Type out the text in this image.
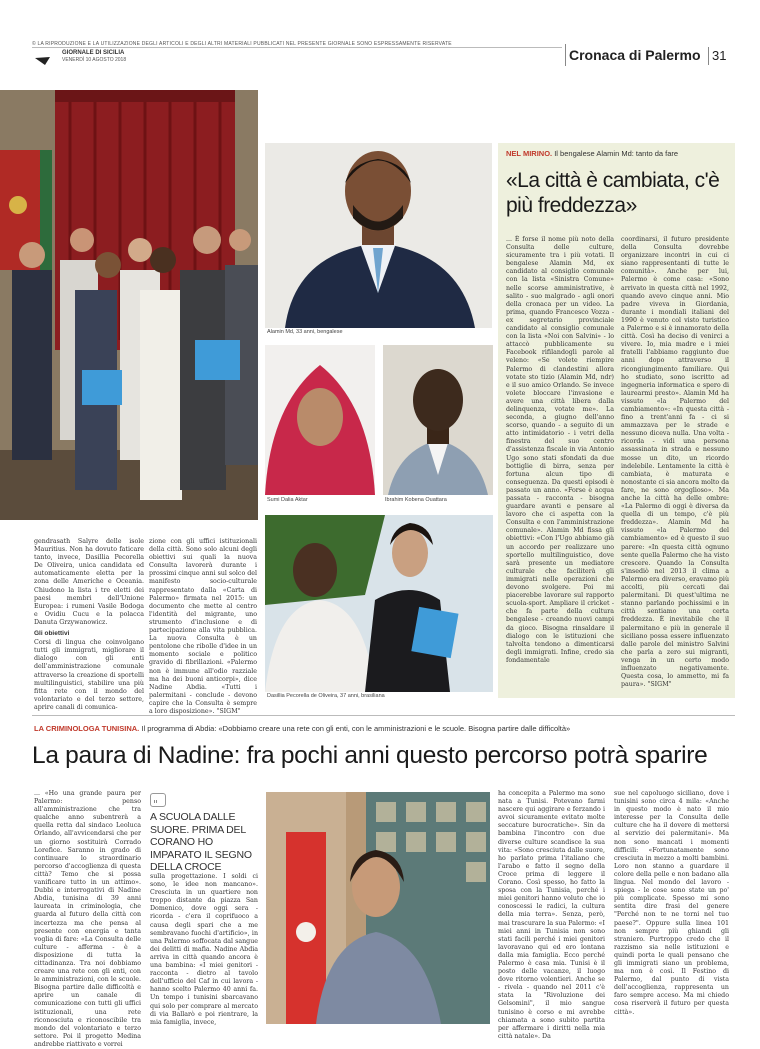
© LA RIPRODUZIONE E LA UTILIZZAZIONE DEGLI ARTICOLI E DEGLI ALTRI MATERIALI PUBBLICATI NEL PRESENTE GIORNALE SONO ESPRESSAMENTE RISERVATE
GIORNALE DI SICILIA
VENERDÌ 10 AGOSTO 2018	Cronaca di Palermo 31
gendrasath Salyre delle isole Mauritius. Non ha dovuto faticare tanto, invece, Dasillia Pecorella De Oliveira, unica candidata ed automaticamente eletta per la zona delle Americhe e Oceania. Chiudono la lista i tre eletti dei paesi membri dell'Unione Europea: i rumeni Vasile Bodoga e Ovidiu Cucu e la polacca Danuta Grzywanowicz.
Gli obiettivi
Corsi di lingua che coinvolgano tutti gli immigrati, migliorare il dialogo con gli enti dell'amministrazione comunale attraverso la creazione di sportelli multilinguistici, stabilire una più fitta rete con il mondo del volontariato e del terzo settore, aprire canali di comunica-
zione con gli uffici istituzionali della città. Sono solo alcuni degli obiettivi sui quali la nuova Consulta lavorerà durante i prossimi cinque anni sul solco del manifesto socio-culturale rappresentato dalla «Carta di Palermo» firmata nel 2015: un documento che mette al centro l'identità del migrante, uno strumento d'inclusione e di partecipazione alla vita pubblica. La nuova Consulta è un pentolone che ribolle d'idee in un momento sociale e politico gravido di fibrillazioni. «Palermo non è immune all'odio razziale ma ha dei buoni anticorpi», dice Nadine Abdia. «Tutti i palermitani - conclude - devono capire che la Consulta è sempre a loro disposizione». "SIGM"
Alamin Md, 33 anni, bengalese
Sumi Dalia Aktar	Ibrahim Kobena Ouattara
Dasillia Pecorella de Oliveira, 37 anni, brasiliana
NEL MIRINO. Il bengalese Alamin Md: tanto da fare
«La città è cambiata, c'è più freddezza»
... È forse il nome più noto della Consulta delle culture, sicuramente tra i più votati. Il bengalese Alamin Md, ex candidato al consiglio comunale con la lista «Sinistra Comune» nelle scorse amministrative, è salito - suo malgrado - agli onori della cronaca per un video. La prima, quando Francesco Vozza - ex segretario provinciale candidato al consiglio comunale con la lista «Noi con Salvini» - lo attaccò pubblicamente su Facebook rifilandogli parole al veleno: «Se volete riempire Palermo di clandestini allora votate sto tizio (Alamin Md, ndr) e il suo amico Orlando. Se invece volete bloccare l'invasione e avere una città libera dalla delinquenza, votate me». La seconda, a giugno dell'anno scorso, quando - a seguito di un atto intimidatorio - i vetri della finestra del suo centro d'assistenza fiscale in via Antonio Ugo sono stati sfondati da due bottiglie di birra, senza per fortuna alcun tipo di conseguenza. Da questi episodi è passato un anno. «Forse è acqua passata - racconta - bisogna guardare avanti e pensare al lavoro che ci aspetta con la Consulta e con l'amministrazione comunale». Alamin Md fissa gli obiettivi: «Con l'Ugo abbiamo già un accordo per realizzare uno sportello multilinguistico, dove sarà presente un mediatore culturale che faciliterà gli immigrati nelle operazioni che devono svolgere. Poi mi piacerebbe lavorare sul rapporto scuola-sport. Ampliare il cricket - che fa parte della cultura bengalese - creando nuovi campi da gioco. Bisogna rinsaldare il dialogo con le istituzioni che talvolta tendono a dimenticarsi degli immigrati. Infine, credo sia fondamentale
coordinarsi, il futuro presidente della Consulta dovrebbe organizzare incontri in cui ci siano rappresentanti di tutte le comunità». Anche per lui, Palermo è come casa: «Sono arrivato in questa città nel 1992, quando avevo cinque anni. Mio padre viveva in Giordania, durante i mondiali italiani del 1990 è venuto col visto turistico a Palermo e si è innamorato della città. Così ha deciso di venirci a vivere. Io, mia madre e i miei fratelli l'abbiamo raggiunto due anni dopo attraverso il ricongiungimento familiare. Qui ho studiato, sono iscritto ad ingegneria informatica e spero di laurearmi presto». Alamin Md ha vissuto «la Palermo del cambiamento»: «In questa città - fino a trent'anni fa - ci si ammazzava per le strade e nessuno diceva nulla. Una volta - ricorda - vidi una persona assassinata in strada e nessuno mosse un dito, un ricordo indelebile. Lentamente la città è cambiata, è maturata e nonostante ci sia ancora molto da fare, ne sono orgoglioso». Ma anche la città ha delle ombre: «La Palermo di oggi è diversa da quella di un tempo, c'è più freddezza». Alamin Md ha vissuto «la Palermo del cambiamento» ed è questo il suo parere: «In questa città ognuno sente quella Palermo che ha visto crescere. Quando la Consulta s'insediò nel 2013 il clima a Palermo era diverso, eravamo più accolti, più cercati dai palermitani. Di quest'ultima ne stanno parlando pochissimi e in città sentiamo una certa freddezza. È inevitabile che il palermitano e più in generale il siciliano possa essere influenzato dalle parole del ministro Salvini che parla a zero sui migranti, venga in un certo modo influenzato negativamente. Questa cosa, lo ammetto, mi fa paura». "SIGM"
LA CRIMINOLOGA TUNISINA. Il programma di Abdia: «Dobbiamo creare una rete con gli enti, con le amministrazioni e le scuole. Bisogna partire dalle difficoltà»
La paura di Nadine: fra pochi anni questo percorso potrà sparire
... «Ho una grande paura per Palermo: penso all'amministrazione che tra qualche anno subentrerà a quella retta dal sindaco Leoluca Orlando, all'avvicendarsi che per un giorno sostituirà Corrado Lorefice. Saranno in grado di continuare lo straordinario percorso d'accoglienza di questa città? Temo che si possa vanificare tutto in un attimo». Dubbi e interrogativi di Nadine Abdia, tunisina di 39 anni laureata in criminologia, che guarda al futuro della città con incertezza ma che pensa al presente con energia e tanta voglia di fare: «La Consulta delle culture - afferma - è a disposizione di tutta la cittadinanza. Tra noi dobbiamo creare una rete con gli enti, con le amministrazioni, con le scuole. Bisogna partire dalle difficoltà e aprire un canale di comunicazione con tutti gli uffici istituzionali, una rete riconosciuta e riconoscibile tra mondo del volontariato e terzo settore. Poi il progetto Medina andrebbe riattivato e vorrei
"
A SCUOLA DALLE SUORE. PRIMA DEL CORANO HO IMPARATO IL SEGNO DELLA CROCE
sulla progettazione. I soldi ci sono, le idee non mancano». Cresciuta in un quartiere non troppo distante da piazza San Domenico, dove oggi sera - ricorda - c'era il coprifuoco a causa degli spari che a me sembravano fuochi d'artificio», in una Palermo soffocata dal sangue dei delitti di mafia. Nadine Abdia arriva in città quando ancora è una bambina: «I miei genitori - racconta - dietro al tavolo dell'ufficio del Caf in cui lavora - hanno scelto Palermo 40 anni fa. Un tempo i tunisini sbarcavano qui solo per comprare al mercato di via Ballarò e poi rientrare, la mia famiglia, invece,
ha concepita a Palermo ma sono nata a Tunisi. Potevano farmi nascere qui aggirare e ferzando i avvoi sicuramente evitato molte seccature burocratiche». Sin da bambina l'incontro con due diverse culture scandisce la sua vita: «Sono cresciuta dalle suore, ho parlato prima l'italiano che l'arabo e fatto il segno della Croce prima di leggere il Corano. Così spesso, ho fatto la sposa con la Tunisia, perché i miei genitori hanno voluto che io conoscessi le radici, la cultura della mia terra». Senza, però, mai trascurare la sua Palermo: «I miei anni in Tunisia non sono stati facili perché i miei genitori lavoravano qui ed ero lontana dalla mia famiglia. Ecco perché Palermo è casa mia. Tunisi è il posto delle vacanze, il luogo dove ritorno volentieri. Anche se - rivela - quando nel 2011 c'è stata la "Rivoluzione dei Gelsomini", il mio sangue tunisino è corso e mi avrebbe chiamata a sono subito partita per affermare i diritti nella mia città natale». Da
sue nel capoluogo siciliano, dove i tunisini sono circa 4 mila: «Anche in questo modo è nato il mio interesse per la Consulta delle culture che ha il dovere di mettersi al servizio dei palermitani». Ma non sono mancati i momenti difficili: «Fortunatamente sono cresciuta in mezzo a molti bambini. Loro non stanno a guardare il colore della pelle e non badano alla lingua. Nel mondo del lavoro - spiega - le cose sono state un po' più complicate. Spesso mi sono sentita dire frasi del genere "Perché non te ne torni nel tuo paese?". Oppure sulla linea 101 non sempre più ghiandi gli straniero. Purtroppo credo che il razzismo sia nelle istituzioni e quindi porta le quali pensano che gli immigrati siano un problema, ma non è così. Il Festino di Palermo, dal punto di vista dell'accoglienza, rappresenta un faro sempre acceso. Ma mi chiedo cosa riserverà il futuro per questa città».
